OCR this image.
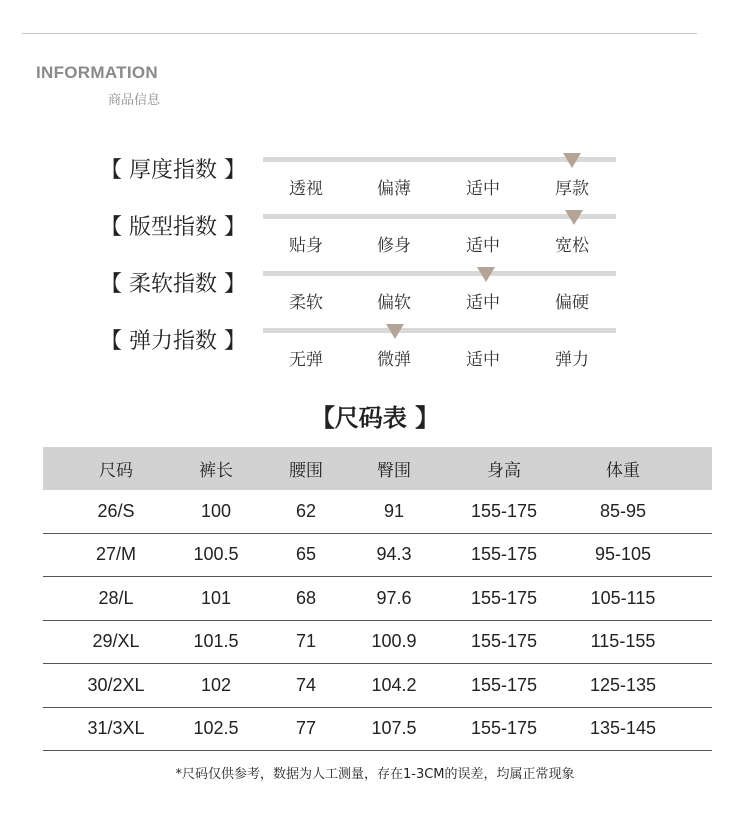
INFORMATION
商品信息
【 厚度指数 】
透视	偏薄	适中	厚款
【 版型指数 】
贴身	修身	适中	宽松
【 柔软指数 】
柔软	偏软	适中	偏硬
【 弹力指数 】
无弹	微弹	适中	弹力
【尺码表 】
尺码	裤长	腰围	臀围	身高	体重
26/S	100	62	91	155-175	85-95
27/M	100.5	65	94.3	155-175	95-105
28/L	101	68	97.6	155-175	105-115
29/XL	101.5	71	100.9	155-175	115-155
30/2XL	102	74	104.2	155-175	125-135
31/3XL	102.5	77	107.5	155-175	135-145
*尺码仅供参考，数据为人工测量，存在1-3CM的误差，均属正常现象
